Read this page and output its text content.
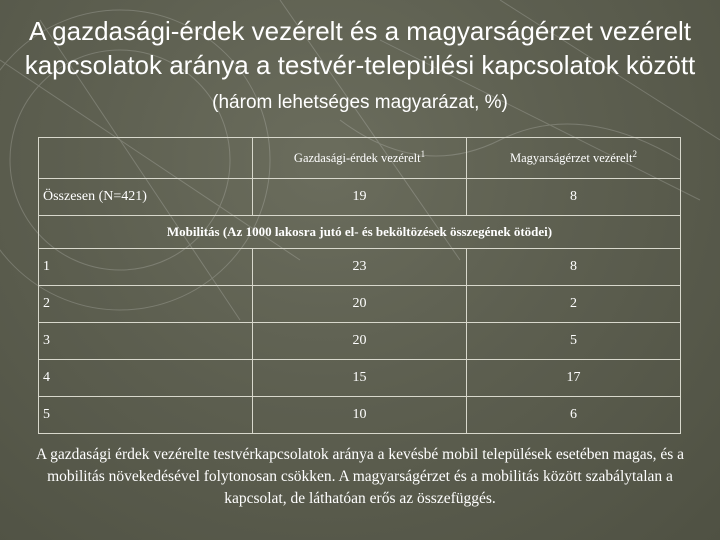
A gazdasági-érdek vezérelt és a magyarságérzet vezérelt kapcsolatok aránya a testvér-települési kapcsolatok között (három lehetséges magyarázat, %)
	Gazdasági-érdek vezérelt$^1$	Magyarságérzet vezérelt$^2$
Összesen (N=421)	19	8
Mobilitás (Az 1000 lakosra jutó el- és beköltözések összegének ötödei)		
1	23	8
2	20	2
3	20	5
4	15	17
5	10	6
A gazdasági érdek vezérelte testvérkapcsolatok aránya a kevésbé mobil települések esetében magas, és a mobilitás növekedésével folytonosan csökken. A magyarságérzet és a mobilitás között szabálytalan a kapcsolat, de láthatóan erős az összefüggés.
